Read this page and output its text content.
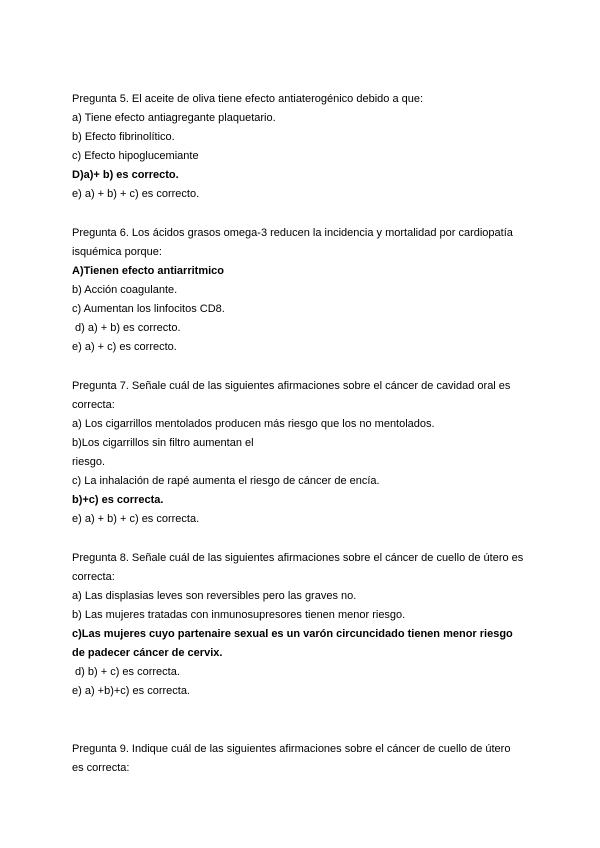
Pregunta 5. El aceite de oliva tiene efecto antiaterogénico debido a que:
a) Tiene efecto antiagregante plaquetario.
b) Efecto fibrinolítico.
c) Efecto hipoglucemiante
D)a)+ b) es correcto.
e) a) + b) + c) es correcto.
Pregunta 6. Los ácidos grasos omega-3 reducen la incidencia y mortalidad por cardiopatía
isquémica porque:
A)Tienen efecto antiarritmico
b) Acción coagulante.
c) Aumentan los linfocitos CD8.
d) a) + b) es correcto.
e) a) + c) es correcto.
Pregunta 7. Señale cuál de las siguientes afirmaciones sobre el cáncer de cavidad oral es
correcta:
a) Los cigarrillos mentolados producen más riesgo que los no mentolados.
b)Los cigarrillos sin filtro aumentan el
riesgo.
c) La inhalación de rapé aumenta el riesgo de cáncer de encía.
b)+c) es correcta.
e) a) + b) + c) es correcta.
Pregunta 8. Señale cuál de las siguientes afirmaciones sobre el cáncer de cuello de útero es
correcta:
a) Las displasias leves son reversibles pero las graves no.
b) Las mujeres tratadas con inmunosupresores tienen menor riesgo.
c)Las mujeres cuyo partenaire sexual es un varón circuncidado tienen menor riesgo
de padecer cáncer de cervix.
d) b) + c) es correcta.
e) a) +b)+c) es correcta.
Pregunta 9. Indique cuál de las siguientes afirmaciones sobre el cáncer de cuello de útero
es correcta:
